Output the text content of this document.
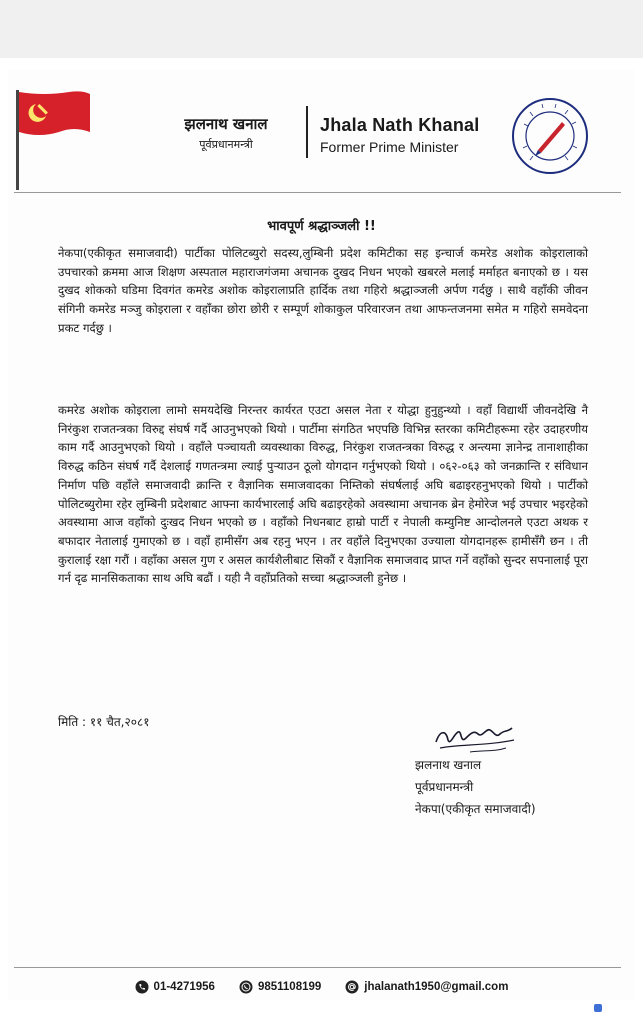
झलनाथ खनाल
पूर्वप्रधानमन्त्री
Jhala Nath Khanal
Former Prime Minister
भावपूर्ण श्रद्धाञ्जली !!

नेकपा(एकीकृत समाजवादी) पार्टीका पोलिटब्युरो सदस्य,लुम्बिनी प्रदेश कमिटीका सह इन्चार्ज कमरेड अशोक कोइरालाको उपचारको क्रममा आज शिक्षण अस्पताल महाराजगंजमा अचानक दुखद निधन भएको खबरले मलाई मर्माहत बनाएको छ । यस दुखद शोकको घडिमा दिवगंत कमरेड अशोक कोइरालाप्रति हार्दिक तथा गहिरो श्रद्धाञ्जली अर्पण गर्दछु । साथै वहाँकी जीवन संगिनी कमरेड मञ्जु कोइराला र वहाँका छोरा छोरी र सम्पूर्ण शोकाकुल परिवारजन तथा आफन्तजनमा समेत म गहिरो समवेदना प्रकट गर्दछु ।

कमरेड अशोक कोइराला लामो समयदेखि निरन्तर कार्यरत एउटा असल नेता र योद्धा हुनुहुन्थ्यो । वहाँ विद्यार्थी जीवनदेखि नै निरंकुश राजतन्त्रका विरुद्द संघर्ष गर्दै आउनुभएको थियो । पार्टीमा संगठित भएपछि विभिन्न स्तरका कमिटीहरूमा रहेर उदाहरणीय काम गर्दै आउनुभएको थियो । वहाँले पञ्चायती व्यवस्थाका विरुद्ध, निरंकुश राजतन्त्रका विरुद्ध र अन्त्यमा ज्ञानेन्द्र तानाशाहीका विरुद्ध कठिन संघर्ष गर्दै देशलाई गणतन्त्रमा ल्याई पुऱ्याउन ठूलो योगदान गर्नुभएको थियो । ०६२-०६३ को जनक्रान्ति र संविधान निर्माण पछि वहाँले समाजवादी क्रान्ति र वैज्ञानिक समाजवादका निम्तिको संघर्षलाई अघि बढाइरहनुभएको थियो । पार्टीको पोलिटब्युरोमा रहेर लुम्बिनी प्रदेशबाट आफ्ना कार्यभारलाई अघि बढाइरहेको अवस्थामा अचानक ब्रेन हेमोरेज भई उपचार भइरहेको अवस्थामा आज वहाँको दुःखद निधन भएको छ । वहाँको निधनबाट हाम्रो पार्टी र नेपाली कम्युनिष्ट आन्दोलनले एउटा अथक र बफादार नेतालाई गुमाएको छ । वहाँ हामीसँग अब रहनु भएन । तर वहाँले दिनुभएका उज्याला योगदानहरू हामीसँगै छन । ती कुरालाई रक्षा गरौं । वहाँका असल गुण र असल कार्यशैलीबाट सिकौं र वैज्ञानिक समाजवाद प्राप्त गर्ने वहाँको सुन्दर सपनालाई पूरा गर्न दृढ मानसिकताका साथ अघि बढौं । यही नै वहाँप्रतिको सच्चा श्रद्धाञ्जली हुनेछ ।

मिति : ११ चैत,२०८१
झलनाथ खनाल
पूर्वप्रधानमन्त्री
नेकपा(एकीकृत समाजवादी)
01-4271956	9851108199	jhalanath1950@gmail.com
